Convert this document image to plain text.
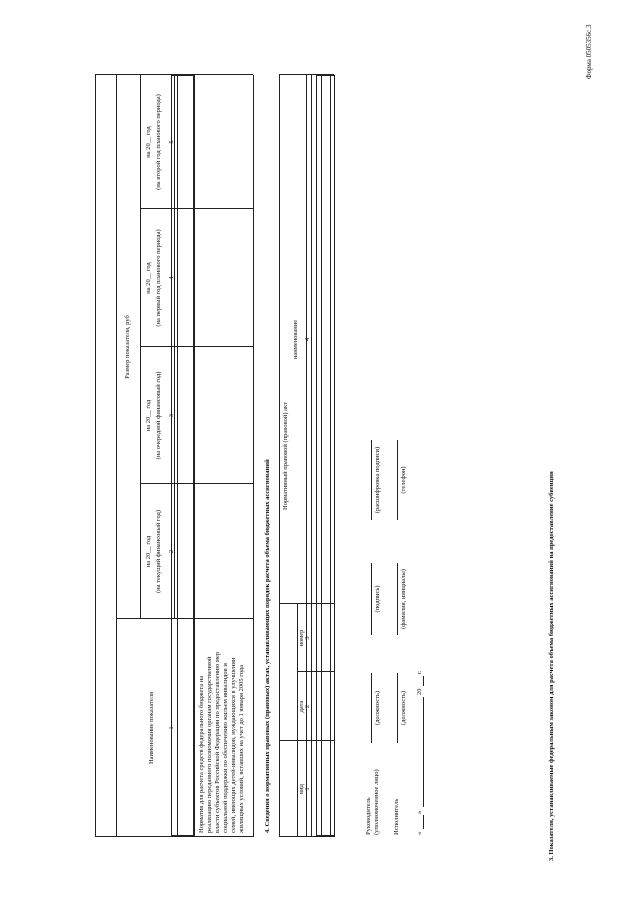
Форма 0505356с.3
3. Показатели, устанавливаемые федеральным законом для расчета объема бюджетных ассигнований на предоставление субвенции
Наименование показателя
Размер показателя, руб
на 20__ год (на текущий финансовый год)
на 20__ год (на очередной финансовый год)
на 20__ год (на первый год планового периода)
на 20__ год (на второй год планового периода)
1
2
3
4
5
Норматив для расчета средств федерального бюджета на реализацию переданного полномочия органам государственной власти субъектов Российской Федерации по предоставлению мер социальной поддержки по обеспечению жильем инвалидов и семей, имеющих детей-инвалидов, нуждающихся в улучшении жилищных условий, вставших на учет до 1 января 2005 года	4. Сведения о нормативных правовых (правовых) актах, устанавливающих порядок расчета объема бюджетных ассигнований
Нормативный правовой (правовой) акт
вид
дата
номер
наименование
1
2
3
4
Руководитель (уполномоченное лицо)
(должность)
(подпись)
(расшифровка подписи)
Исполнитель
(должность)
(фамилия, инициалы)
(телефон)
«
»
20
г.
